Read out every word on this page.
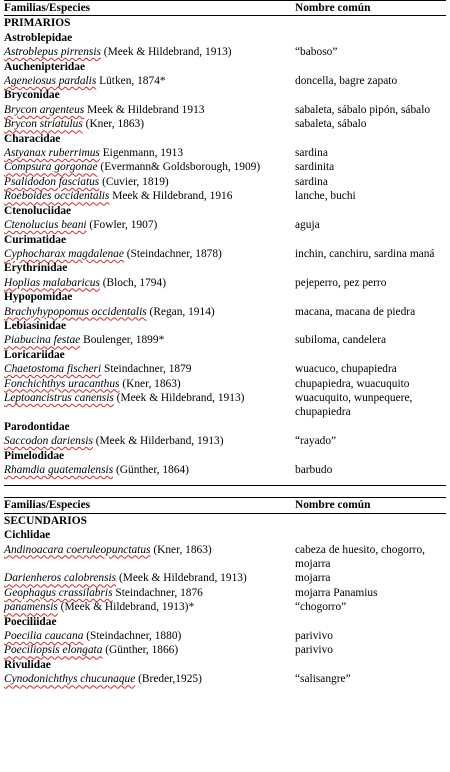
Familias/Especies	Nombre común
PRIMARIOS
Astroblepidae
Astroblepus pirrensis (Meek & Hildebrand, 1913)	“baboso”
Auchenipteridae
Ageneiosus pardalis Lütken, 1874*	doncella, bagre zapato
Bryconidae
Brycon argenteus Meek & Hildebrand 1913	sabaleta, sábalo pipón, sábalo
Brycon striatulus (Kner, 1863)	sabaleta, sábalo
Characidae
Astyanax ruberrimus Eigenmann, 1913	sardina
Compsura gorgonae (Evermann& Goldsborough, 1909)	sardinita
Psalidodon fasciatus (Cuvier, 1819)	sardina
Roeboides occidentalis Meek & Hildebrand, 1916	lanche, buchi
Ctenoluciidae
Ctenolucius beani (Fowler, 1907)	aguja
Curimatidae
Cyphocharax magdalenae (Steindachner, 1878)	inchin, canchiru, sardina maná
Erythrinidae
Hoplias malabaricus (Bloch, 1794)	pejeperro, pez perro
Hypopomidae
Brachyhypopomus occidentalis (Regan, 1914)	macana, macana de piedra
Lebiasinidae
Piabucina festae Boulenger, 1899*	subiloma, candelera
Loricariidae
Chaetostoma fischeri Steindachner, 1879	wuacuco, chupapiedra
Fonchichthys uracanthus (Kner, 1863)	chupapiedra, wuacuquito
Leptoancistrus canensis (Meek & Hildebrand, 1913)	wuacuquito, wunpequere, chupapiedra
Parodontidae
Saccodon dariensis (Meek & Hilderband, 1913)	“rayado”
Pimelodidae
Rhamdia guatemalensis (Günther, 1864)	barbudo
Familias/Especies	Nombre común
SECUNDARIOS
Cichlidae
Andinoacara coeruleopunctatus (Kner, 1863)	cabeza de huesito, chogorro, mojarra
Darienheros calobrensis (Meek & Hildebrand, 1913)	mojarra
Geophagus crassilabris Steindachner, 1876	mojarra Panamius
panamensis (Meek & Hildebrand, 1913)*	“chogorro”
Poeciliidae
Poecilia caucana (Steindachner, 1880)	parivivo
Poeciliopsis elongata (Günther, 1866)	parivivo
Rivulidae
Cynodonichthys chucunaque (Breder,1925)	“salisangre”
